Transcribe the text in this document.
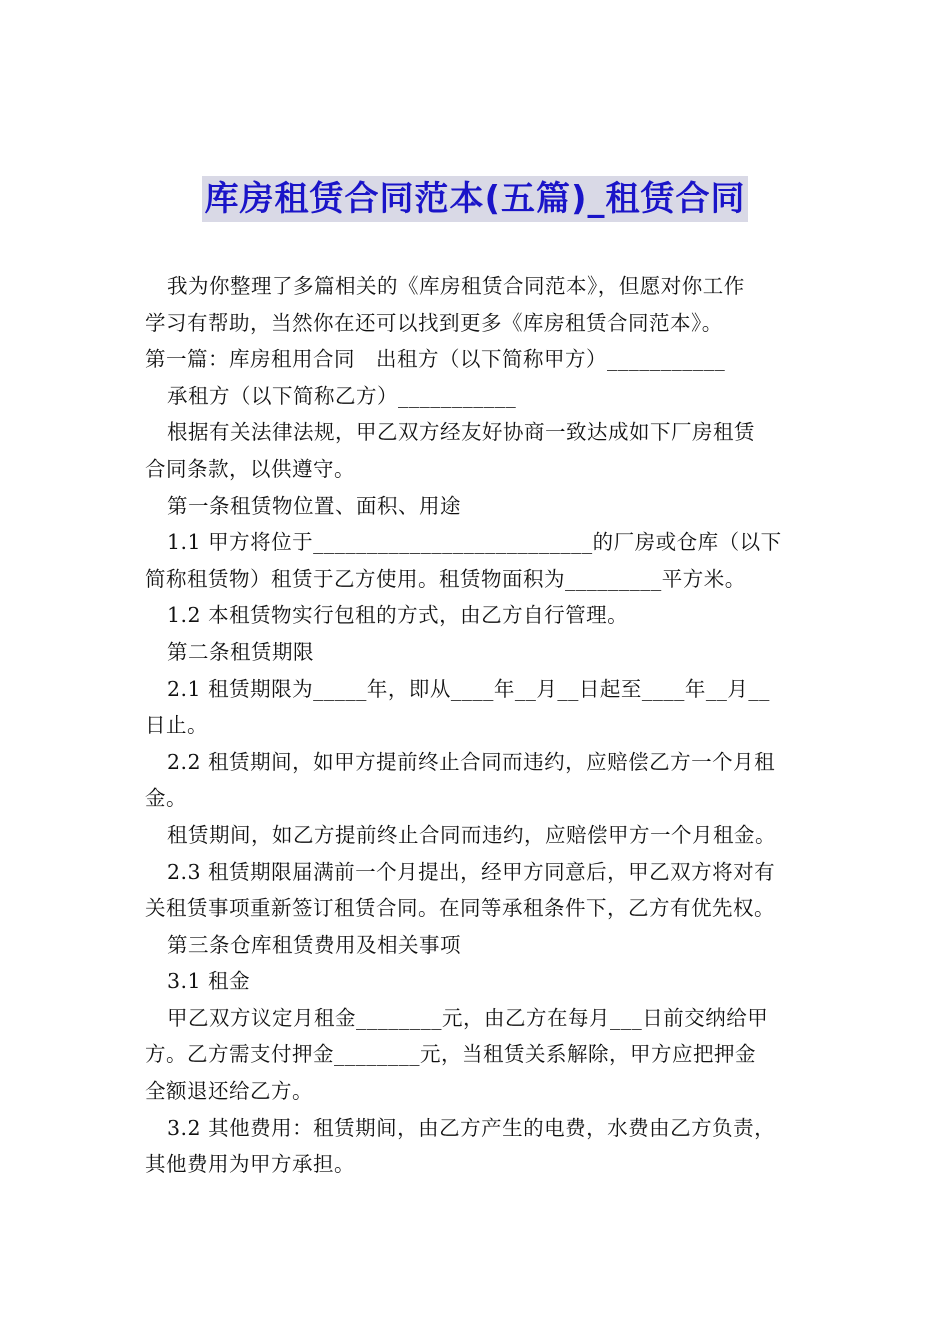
库房租赁合同范本(五篇)_租赁合同
我为你整理了多篇相关的《库房租赁合同范本》，但愿对你工作
学习有帮助，当然你在还可以找到更多《库房租赁合同范本》。
第一篇：库房租用合同　出租方（以下简称甲方）___________
承租方（以下简称乙方）___________
根据有关法律法规，甲乙双方经友好协商一致达成如下厂房租赁
合同条款，以供遵守。
第一条租赁物位置、面积、用途
1.1 甲方将位于__________________________的厂房或仓库（以下
简称租赁物）租赁于乙方使用。租赁物面积为_________平方米。
1.2 本租赁物实行包租的方式，由乙方自行管理。
第二条租赁期限
2.1 租赁期限为_____年，即从____年__月__日起至____年__月__
日止。
2.2 租赁期间，如甲方提前终止合同而违约，应赔偿乙方一个月租
金。
租赁期间，如乙方提前终止合同而违约，应赔偿甲方一个月租金。
2.3 租赁期限届满前一个月提出，经甲方同意后，甲乙双方将对有
关租赁事项重新签订租赁合同。在同等承租条件下，乙方有优先权。
第三条仓库租赁费用及相关事项
3.1 租金
甲乙双方议定月租金________元，由乙方在每月___日前交纳给甲
方。乙方需支付押金________元，当租赁关系解除，甲方应把押金
全额退还给乙方。
3.2 其他费用：租赁期间，由乙方产生的电费，水费由乙方负责，
其他费用为甲方承担。
